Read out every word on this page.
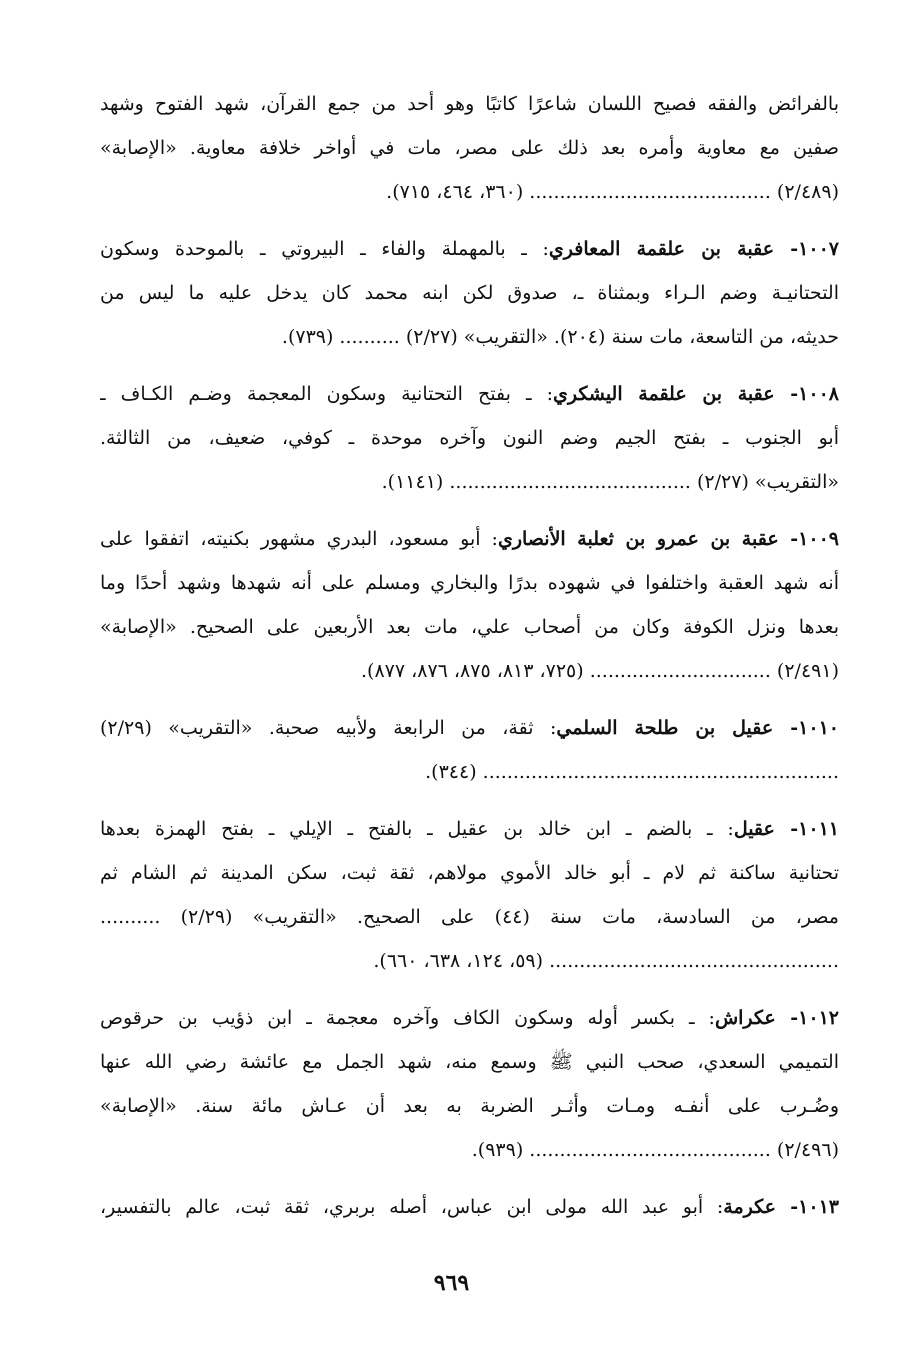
بالفرائض والفقه فصيح اللسان شاعرًا كاتبًا وهو أحد من جمع القرآن، شهد الفتوح وشهد
صفين مع معاوية وأمره بعد ذلك على مصر، مات في أواخر خلافة معاوية. «الإصابة»
(٢/٤٨٩) ........................................ (٣٦٠، ٤٦٤، ٧١٥).
١٠٠٧- عقبة بن علقمة المعافري: ـ بالمهملة والفاء ـ البيروتي ـ بالموحدة وسكون
التحتانيـة وضم الـراء وبمثناة ـ، صدوق لكن ابنه محمد كان يدخل عليه ما ليس من
حديثه، من التاسعة، مات سنة (٢٠٤). «التقريب» (٢/٢٧) .......... (٧٣٩).
١٠٠٨- عقبة بن علقمة اليشكري: ـ بفتح التحتانية وسكون المعجمة وضـم الكـاف ـ
أبو الجنوب ـ بفتح الجيم وضم النون وآخره موحدة ـ كوفي، ضعيف، من الثالثة.
«التقريب» (٢/٢٧) ........................................ (١١٤١).
١٠٠٩- عقبة بن عمرو بن ثعلبة الأنصاري: أبو مسعود، البدري مشهور بكنيته، اتفقوا على
أنه شهد العقبة واختلفوا في شهوده بدرًا والبخاري ومسلم على أنه شهدها وشهد أحدًا وما
بعدها ونزل الكوفة وكان من أصحاب علي، مات بعد الأربعين على الصحيح. «الإصابة»
(٢/٤٩١) .............................. (٧٢٥، ٨١٣، ٨٧٥، ٨٧٦، ٨٧٧).
١٠١٠- عقيل بن طلحة السلمي: ثقة، من الرابعة ولأبيه صحبة. «التقريب» (٢/٢٩)
........................................................... (٣٤٤).
١٠١١- عقيل: ـ بالضم ـ ابن خالد بن عقيل ـ بالفتح ـ الإيلي ـ بفتح الهمزة بعدها
تحتانية ساكنة ثم لام ـ أبو خالد الأموي مولاهم، ثقة ثبت، سكن المدينة ثم الشام ثم
مصر، من السادسة، مات سنة (٤٤) على الصحيح. «التقريب» (٢/٢٩) ..........
................................................ (٥٩، ١٢٤، ٦٣٨، ٦٦٠).
١٠١٢- عكراش: ـ بكسر أوله وسكون الكاف وآخره معجمة ـ ابن ذؤيب بن حرقوص
التميمي السعدي، صحب النبي ﷺ وسمع منه، شهد الجمل مع عائشة رضي الله عنها
وضُـرب على أنفـه ومـات وأثـر الضربة به بعد أن عـاش مائة سنة. «الإصابة»
(٢/٤٩٦) ........................................ (٩٣٩).
١٠١٣- عكرمة: أبو عبد الله مولى ابن عباس، أصله بربري، ثقة ثبت، عالم بالتفسير،
٩٦٩
